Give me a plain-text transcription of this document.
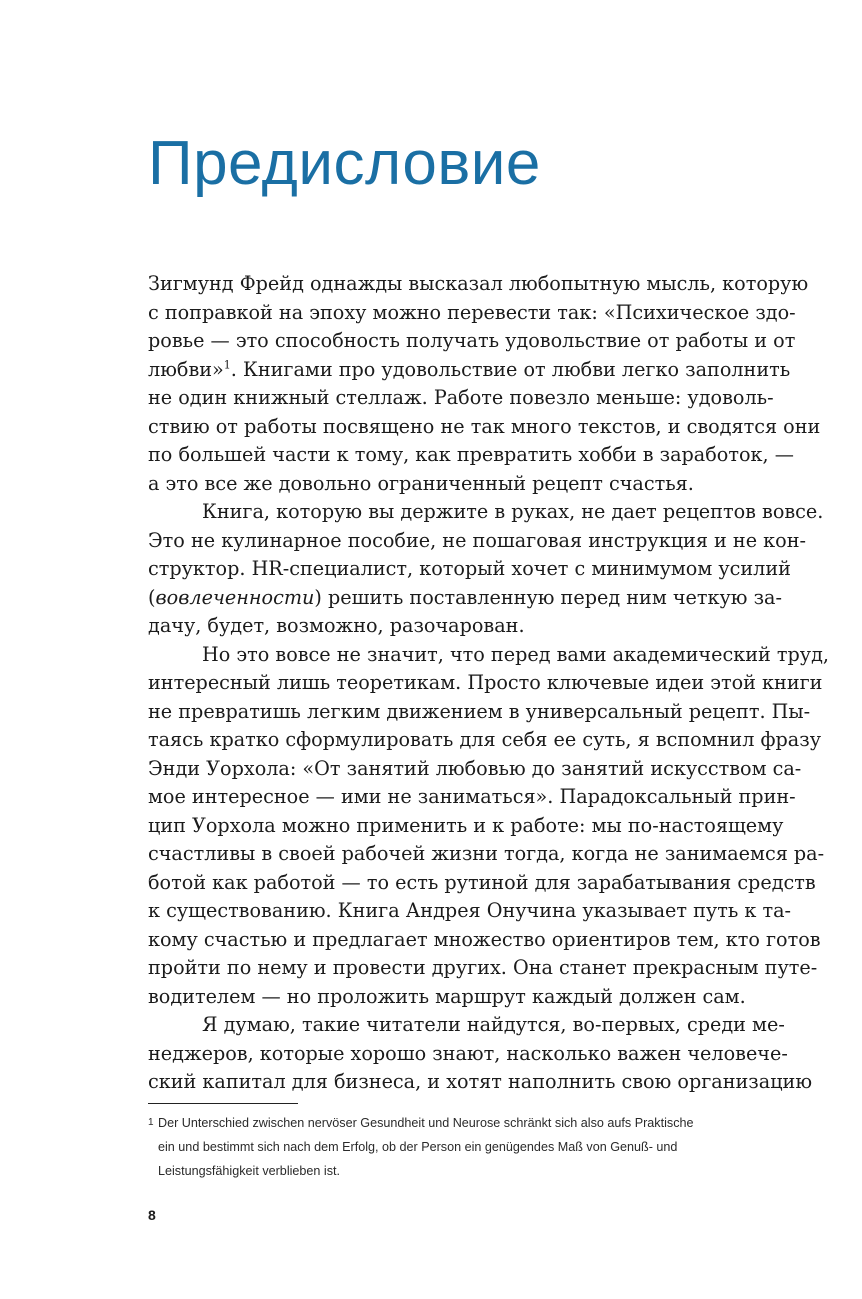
Предисловие
Зигмунд Фрейд однажды высказал любопытную мысль, которую
с поправкой на эпоху можно перевести так: «Психическое здо-
ровье — это способность получать удовольствие от работы и от
любви»$^1$. Книгами про удовольствие от любви легко заполнить
не один книжный стеллаж. Работе повезло меньше: удоволь-
ствию от работы посвящено не так много текстов, и сводятся они
по большей части к тому, как превратить хобби в заработок, —
а это все же довольно ограниченный рецепт счастья.
Книга, которую вы держите в руках, не дает рецептов вовсе.
Это не кулинарное пособие, не пошаговая инструкция и не кон-
структор. HR-специалист, который хочет с минимумом усилий
(вовлеченности) решить поставленную перед ним четкую за-
дачу, будет, возможно, разочарован.
Но это вовсе не значит, что перед вами академический труд,
интересный лишь теоретикам. Просто ключевые идеи этой книги
не превратишь легким движением в универсальный рецепт. Пы-
таясь кратко сформулировать для себя ее суть, я вспомнил фразу
Энди Уорхола: «От занятий любовью до занятий искусством са-
мое интересное — ими не заниматься». Парадоксальный прин-
цип Уорхола можно применить и к работе: мы по-настоящему
счастливы в своей рабочей жизни тогда, когда не занимаемся ра-
ботой как работой — то есть рутиной для зарабатывания средств
к существованию. Книга Андрея Онучина указывает путь к та-
кому счастью и предлагает множество ориентиров тем, кто готов
пройти по нему и провести других. Она станет прекрасным путе-
водителем — но проложить маршрут каждый должен сам.
Я думаю, такие читатели найдутся, во-первых, среди ме-
неджеров, которые хорошо знают, насколько важен человече-
ский капитал для бизнеса, и хотят наполнить свою организацию
1 Der Unterschied zwischen nervöser Gesundheit und Neurose schränkt sich also aufs Praktische
ein und bestimmt sich nach dem Erfolg, ob der Person ein genügendes Maß von Genuß- und
Leistungsfähigkeit verblieben ist.
8
